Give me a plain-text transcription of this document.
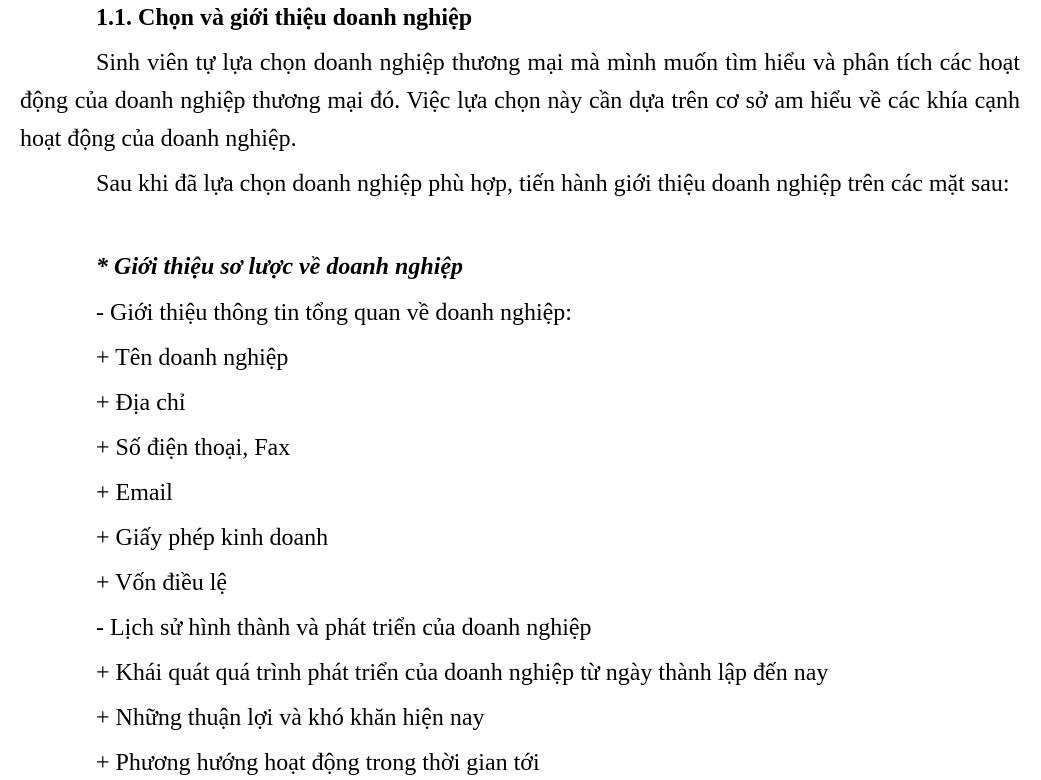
1.1. Chọn và giới thiệu doanh nghiệp

Sinh viên tự lựa chọn doanh nghiệp thương mại mà mình muốn tìm hiểu và phân tích các hoạt động của doanh nghiệp thương mại đó. Việc lựa chọn này cần dựa trên cơ sở am hiểu về các khía cạnh hoạt động của doanh nghiệp.

Sau khi đã lựa chọn doanh nghiệp phù hợp, tiến hành giới thiệu doanh nghiệp trên các mặt sau:

* Giới thiệu sơ lược về doanh nghiệp
- Giới thiệu thông tin tổng quan về doanh nghiệp:
+ Tên doanh nghiệp
+ Địa chỉ
+ Số điện thoại, Fax
+ Email
+ Giấy phép kinh doanh
+ Vốn điều lệ
- Lịch sử hình thành và phát triển của doanh nghiệp
+ Khái quát quá trình phát triển của doanh nghiệp từ ngày thành lập đến nay
+ Những thuận lợi và khó khăn hiện nay
+ Phương hướng hoạt động trong thời gian tới
